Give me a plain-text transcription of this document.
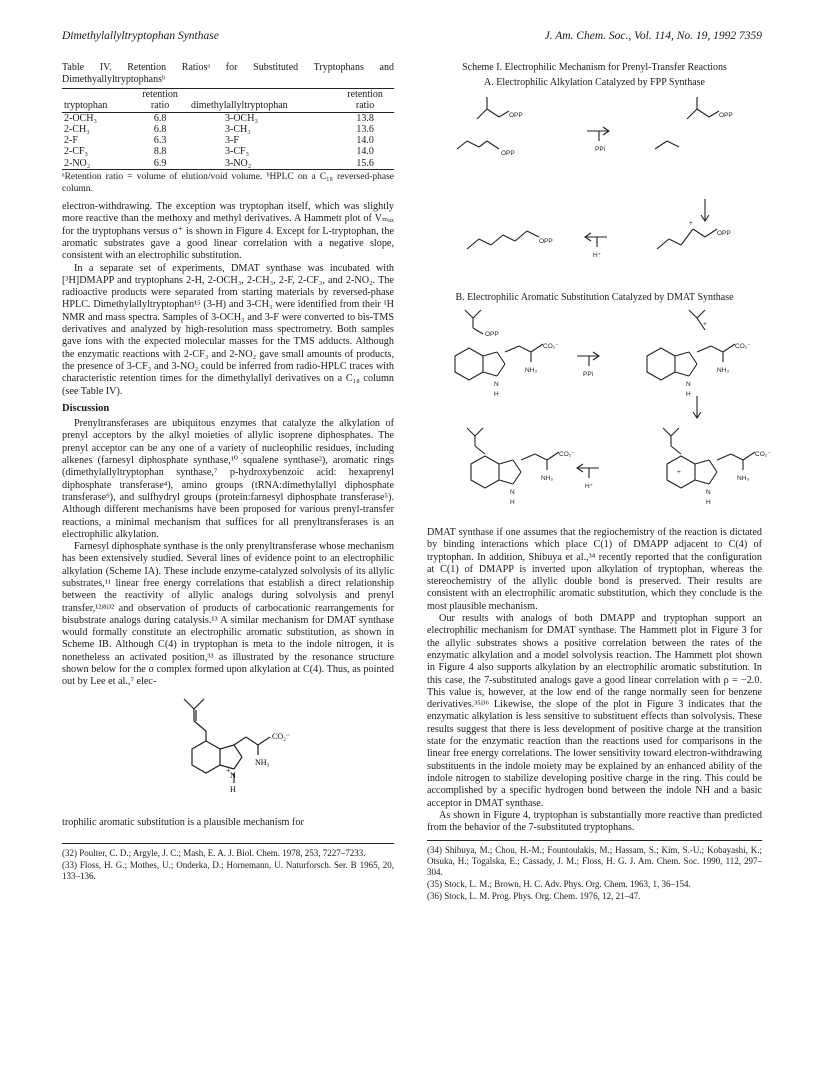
Dimethylallyltryptophan Synthase	J. Am. Chem. Soc., Vol. 114, No. 19, 1992 7359
Table IV. Retention Ratiosᵃ for Substituted Tryptophans and Dimethyallyltryptophansᵇ
	retention		retention
tryptophan	ratio	dimethylallyltryptophan	ratio
2-OCH₃	6.8	3-OCH₃	13.8
2-CH₃	6.8	3-CH₃	13.6
2-F	6.3	3-F	14.0
2-CF₃	8.8	3-CF₃	14.0
2-NO₂	6.9	3-NO₂	15.6
ᵃRetention ratio = volume of elution/void volume. ᵇHPLC on a C₁₈ reversed-phase column.

electron-withdrawing. The exception was tryptophan itself, which was slightly more reactive than the methoxy and methyl derivatives. A Hammett plot of Vₘₐₓ for the tryptophans versus σ⁺ is shown in Figure 4. Except for L-tryptophan, the aromatic substrates gave a good linear correlation with a negative slope, consistent with an electrophilic substitution.

In a separate set of experiments, DMAT synthase was incubated with [³H]DMAPP and tryptophans 2-H, 2-OCH₃, 2-CH₃, 2-F, 2-CF₃, and 2-NO₂. The radioactive products were separated from starting materials by reversed-phase HPLC. Dimethylallyltryptophan¹⁵ (3-H) and 3-CH₃ were identified from their ¹H NMR and mass spectra. Samples of 3-OCH₃ and 3-F were converted to bis-TMS derivatives and analyzed by high-resolution mass spectrometry. Both samples gave ions with the expected molecular masses for the TMS adducts. Although the enzymatic reactions with 2-CF₃ and 2-NO₂ gave small amounts of products, the presence of 3-CF₃ and 3-NO₂ could be inferred from radio-HPLC traces with characteristic retention times for the dimethylallyl derivatives on a C₁₈ column (see Table IV).

Discussion

Prenyltransferases are ubiquitous enzymes that catalyze the alkylation of prenyl acceptors by the alkyl moieties of allylic isoprene diphosphates. The prenyl acceptor can be any one of a variety of nucleophilic residues, including alkenes (farnesyl diphosphate synthase,¹⁰ squalene synthase²), aromatic rings (dimethylallyltryptophan synthase,⁷ p-hydroxybenzoic acid: hexaprenyl diphosphate transferase⁴), amino groups (tRNA:dimethylallyl diphosphate transferase⁹), and sulfhydryl groups (protein:farnesyl diphosphate transferase⁵). Although different mechanisms have been proposed for various prenyl-transfer reactions, a minimal mechanism that suffices for all prenyltransferases is an electrophilic alkylation.

Farnesyl diphosphate synthase is the only prenyltransferase whose mechanism has been extensively studied. Several lines of evidence point to an electrophilic alkylation (Scheme IA). These include enzyme-catalyzed solvolysis of its allylic substrates,¹¹ linear free energy correlations that establish a direct relationship between the reactivity of allylic analogs during solvolysis and prenyl transfer,¹²ʲ⁸ʲ³² and observation of products of carbocationic rearrangements for bisubstrate analogs during catalysis.¹³ A similar mechanism for DMAT synthase would formally constitute an electrophilic aromatic substitution, as shown in Scheme IB. Although C(4) in tryptophan is meta to the indole nitrogen, it is nonetheless an activated position,³³ as illustrated by the resonance structure shown below for the σ complex formed upon alkylation at C(4). Thus, as pointed out by Lee et al.,⁷ elec-

CO₂⁻
NH₃
N
H
+

trophilic aromatic substitution is a plausible mechanism for

(32) Poulter, C. D.; Argyle, J. C.; Mash, E. A. J. Biol. Chem. 1978, 253, 7227–7233.
(33) Floss, H. G.; Mothes, U.; Onderka, D.; Hornemann, U. Naturforsch. Ser. B 1965, 20, 133–136.
Scheme I. Electrophilic Mechanism for Prenyl-Transfer Reactions
A. Electrophilic Alkylation Catalyzed by FPP Synthase
OPP
OPP
PPi
OPP
OPP
H⁺
OPP
+
B. Electrophilic Aromatic Substitution Catalyzed by DMAT Synthase
OPP
+
CO₂⁻
NH₃
N
H
PPi
CO₂⁻
NH₃
N
H
CO₂⁻
NH₃
N
H
H⁺
+
CO₂⁻
NH₃
N
H

DMAT synthase if one assumes that the regiochemistry of the reaction is dictated by binding interactions which place C(1) of DMAPP adjacent to C(4) of tryptophan. In addition, Shibuya et al.,³⁴ recently reported that the configuration at C(1) of DMAPP is inverted upon alkylation of tryptophan, whereas the stereochemistry of the allylic double bond is preserved. Their results are consistent with an electrophilic aromatic substitution, which they conclude is the most plausible mechanism.

Our results with analogs of both DMAPP and tryptophan support an electrophilic mechanism for DMAT synthase. The Hammett plot in Figure 3 for the allylic substrates shows a positive correlation between the rates of the enzymatic alkylation and a model solvolysis reaction. The Hammett plot shown in Figure 4 also supports alkylation by an electrophilic aromatic substitution. In this case, the 7-substituted analogs gave a good linear correlation with ρ = −2.0. This value is, however, at the low end of the range normally seen for benzene derivatives.³⁵ʲ³⁶ Likewise, the slope of the plot in Figure 3 indicates that the enzymatic alkylation is less sensitive to substituent effects than solvolysis. These results suggest that there is less development of positive charge at the transition state for the enzymatic reaction than the reactions used for comparisons in the linear free energy correlations. The lower sensitivity toward electron-withdrawing substituents in the indole moiety may be explained by an enhanced ability of the indole nitrogen to stabilize developing positive charge in the ring. This could be accomplished by a specific hydrogen bond between the indole NH and a basic acceptor in DMAT synthase.

As shown in Figure 4, tryptophan is substantially more reactive than predicted from the behavior of the 7-substituted tryptophans.

(34) Shibuya, M.; Chou, H.-M.; Fountoulakis, M.; Hassam, S.; Kim, S.-U.; Kobayashi, K.; Otsuka, H.; Togalska, E.; Cassady, J. M.; Floss, H. G. J. Am. Chem. Soc. 1990, 112, 297–304.
(35) Stock, L. M.; Brown, H. C. Adv. Phys. Org. Chem. 1963, 1, 36–154.
(36) Stock, L. M. Prog. Phys. Org. Chem. 1976, 12, 21–47.
